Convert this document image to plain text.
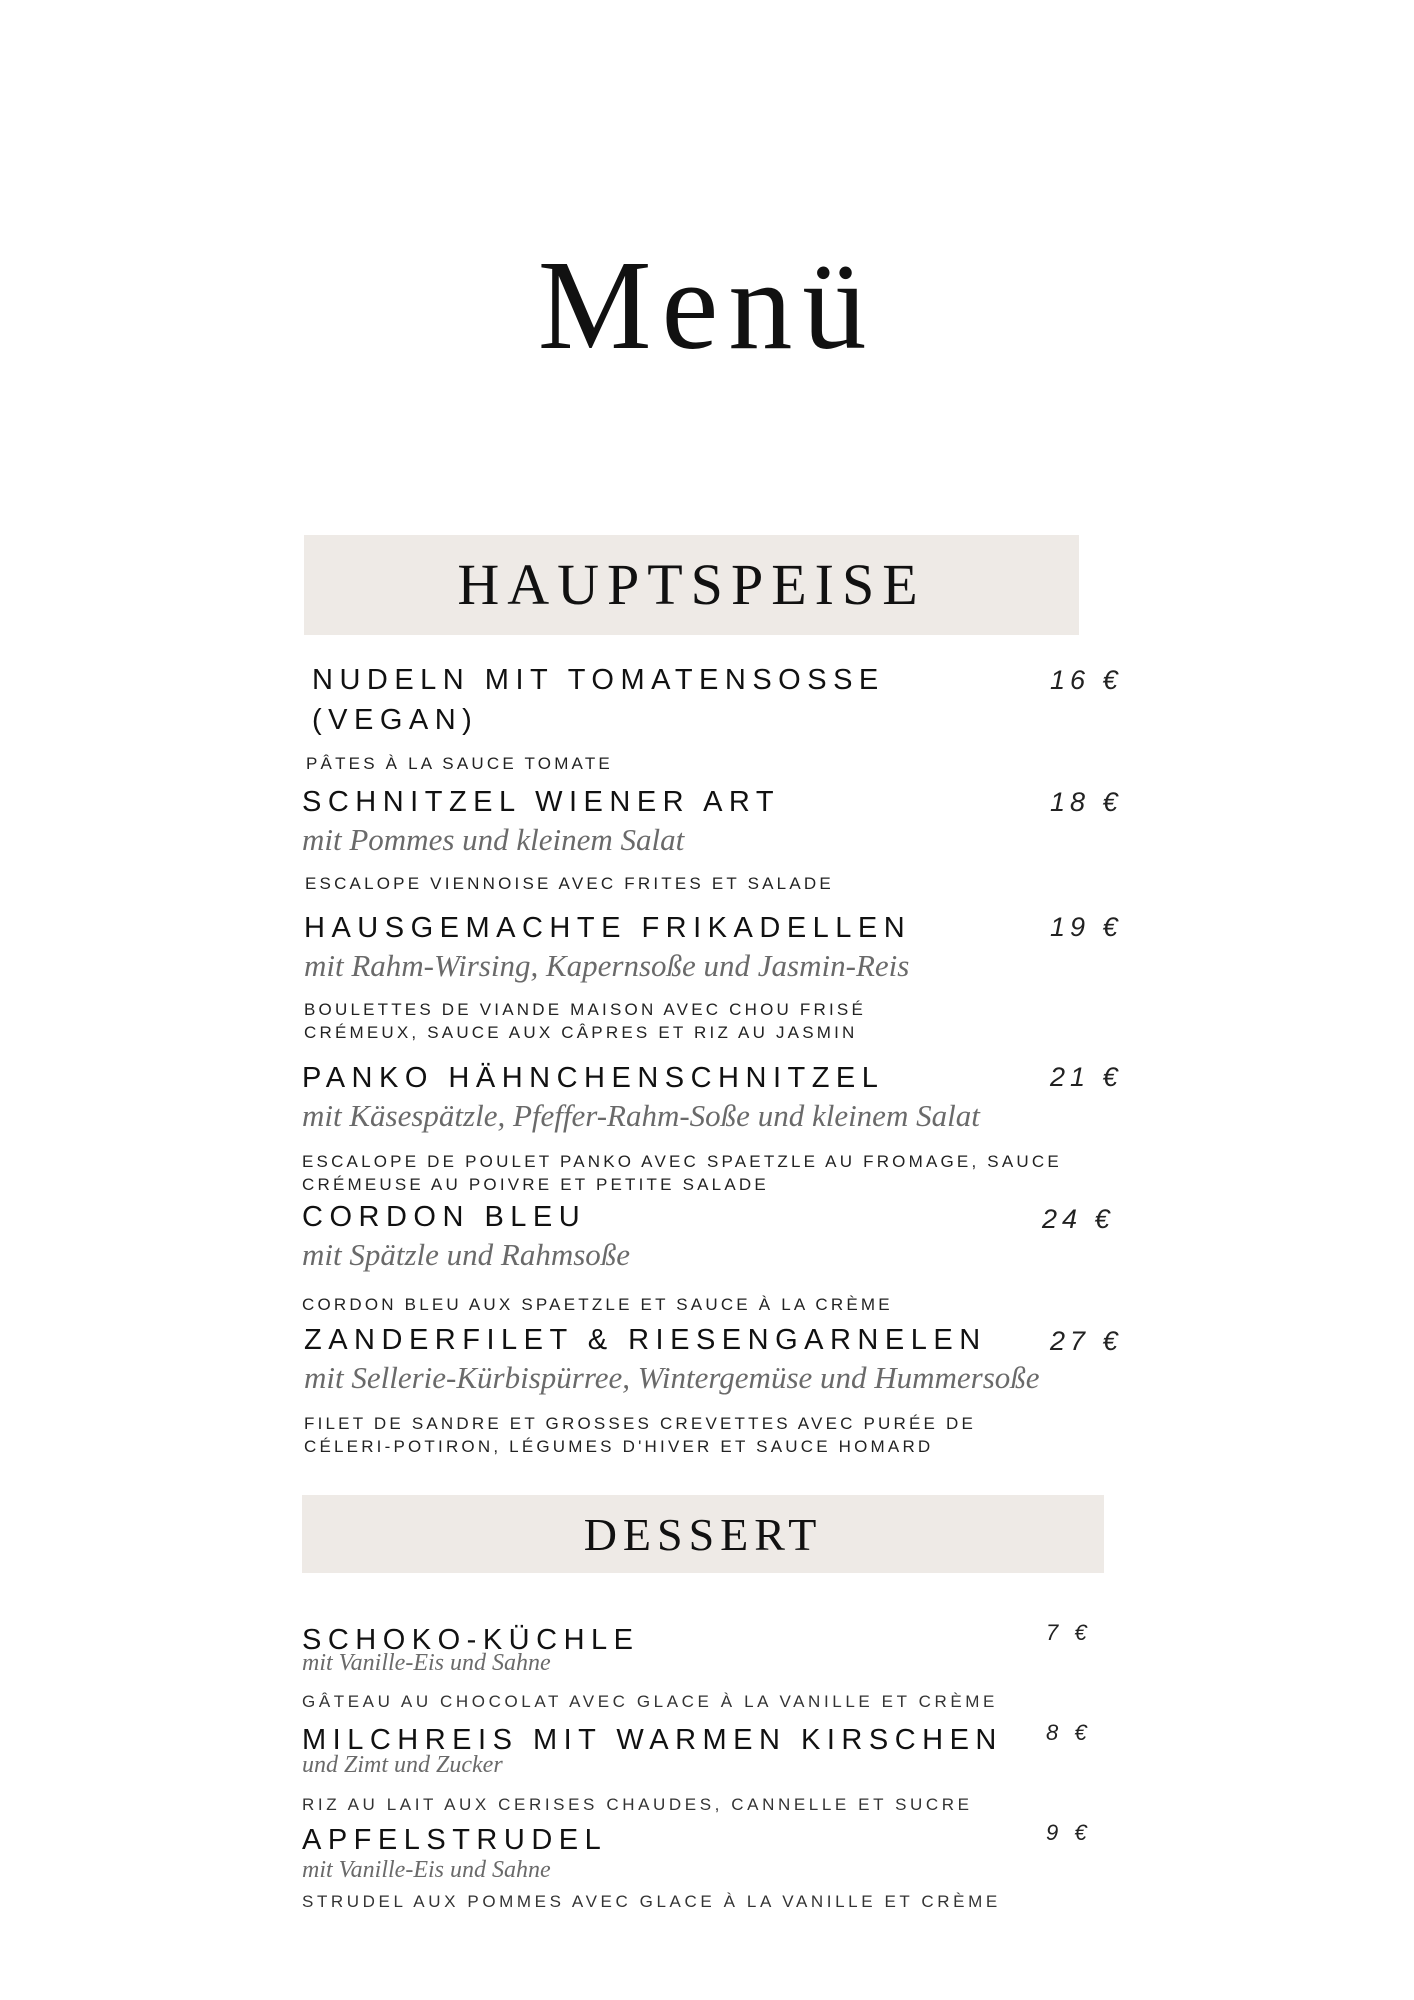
Menü
HAUPTSPEISE
NUDELN MIT TOMATENSOSSE (VEGAN)
PÂTES À LA SAUCE TOMATE
16 €
SCHNITZEL WIENER ART
mit Pommes und kleinem Salat
ESCALOPE VIENNOISE AVEC FRITES ET SALADE
18 €
HAUSGEMACHTE FRIKADELLEN
mit Rahm-Wirsing, Kapernsoße und Jasmin-Reis
BOULETTES DE VIANDE MAISON AVEC CHOU FRISÉ CRÉMEUX, SAUCE AUX CÂPRES ET RIZ AU JASMIN
19 €
PANKO HÄHNCHENSCHNITZEL
mit Käsespätzle, Pfeffer-Rahm-Soße und kleinem Salat
ESCALOPE DE POULET PANKO AVEC SPAETZLE AU FROMAGE, SAUCE CRÉMEUSE AU POIVRE ET PETITE SALADE
21 €
CORDON BLEU
mit Spätzle und Rahmsoße
CORDON BLEU AUX SPAETZLE ET SAUCE À LA CRÈME
24 €
ZANDERFILET & RIESENGARNELEN
mit Sellerie-Kürbispürree, Wintergemüse und Hummersoße
FILET DE SANDRE ET GROSSES CREVETTES AVEC PURÉE DE CÉLERI-POTIRON, LÉGUMES D'HIVER ET SAUCE HOMARD
27 €
DESSERT
SCHOKO-KÜCHLE
mit Vanille-Eis und Sahne
GÂTEAU AU CHOCOLAT AVEC GLACE À LA VANILLE ET CRÈME
7 €
MILCHREIS MIT WARMEN KIRSCHEN
und Zimt und Zucker
RIZ AU LAIT AUX CERISES CHAUDES, CANNELLE ET SUCRE
8 €
APFELSTRUDEL
mit Vanille-Eis und Sahne
STRUDEL AUX POMMES AVEC GLACE À LA VANILLE ET CRÈME
9 €
